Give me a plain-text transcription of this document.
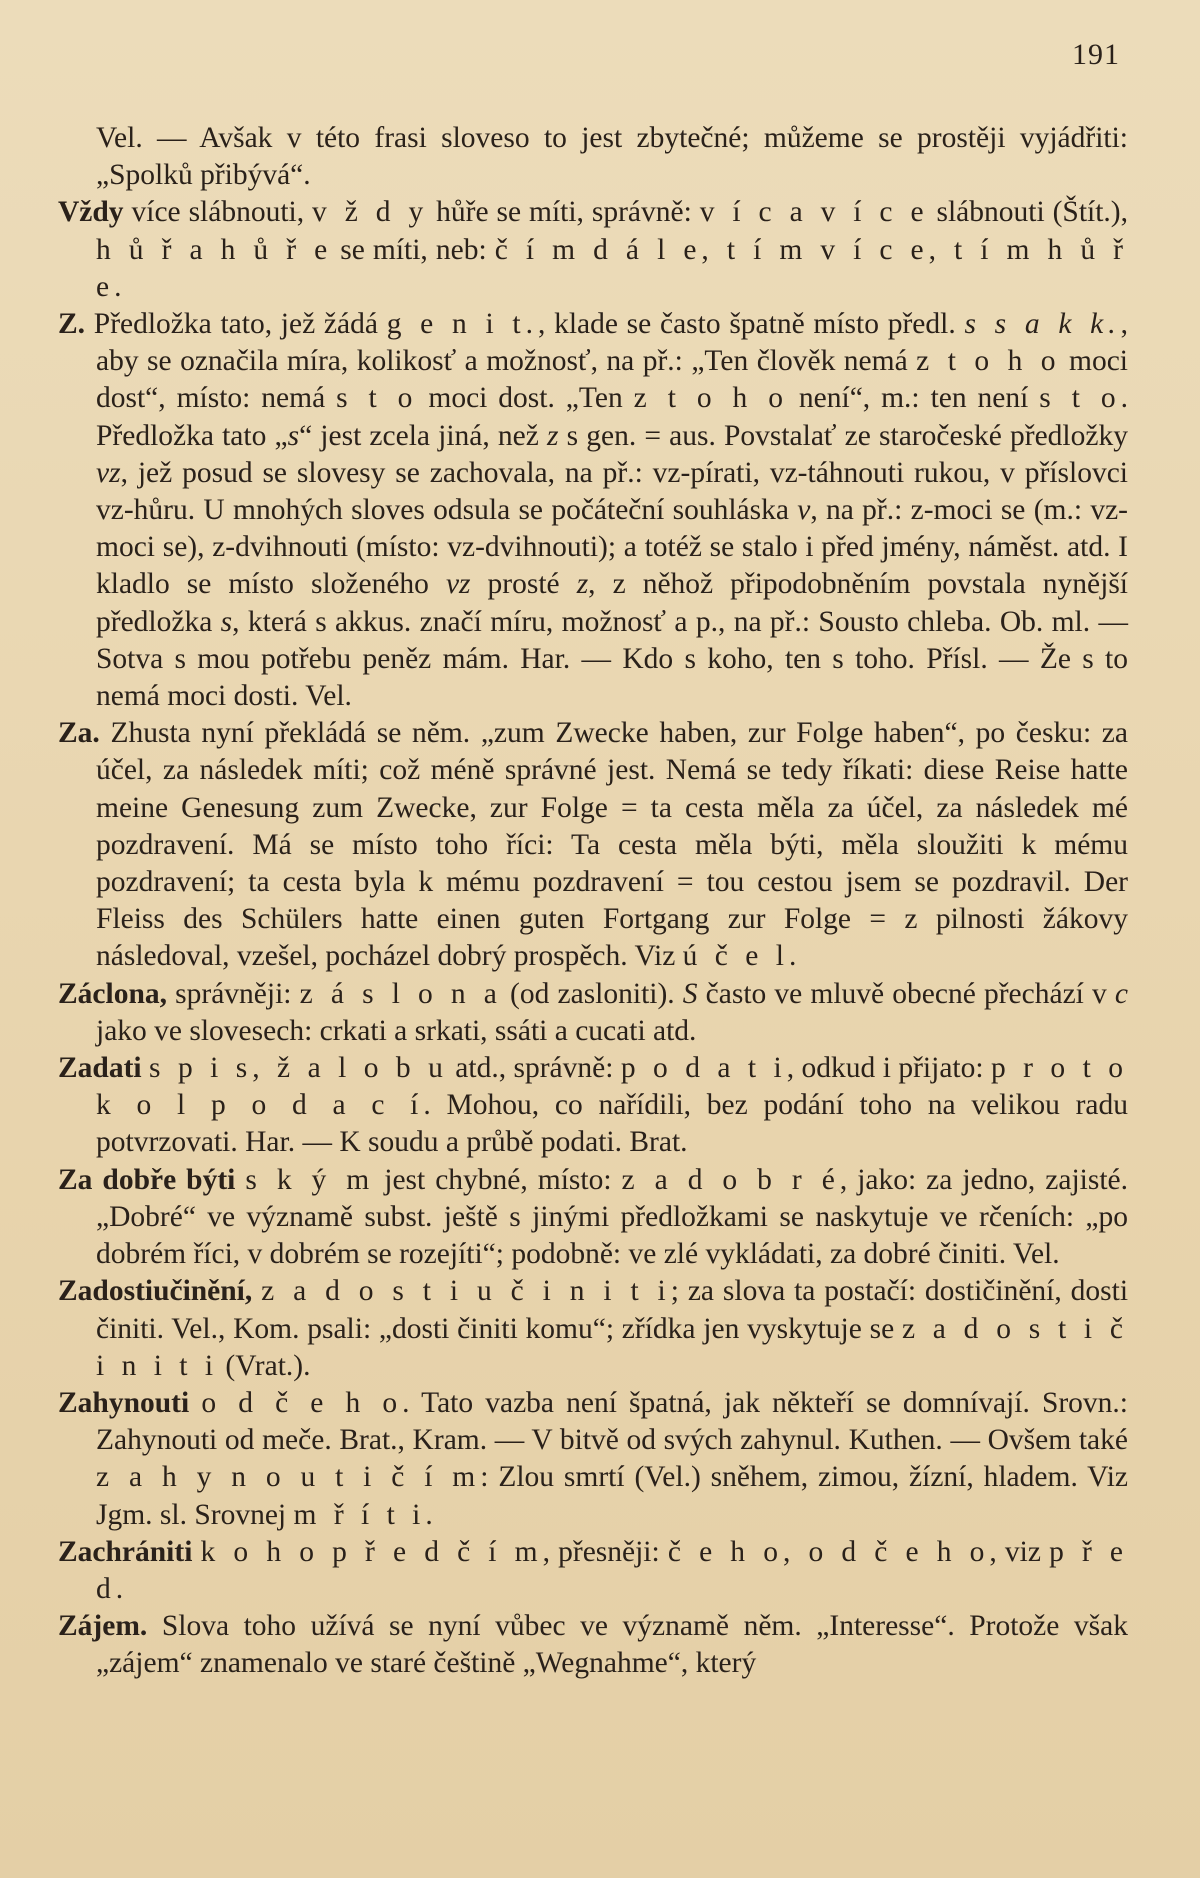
191

Vel. — Avšak v této frasi sloveso to jest zbytečné; můžeme se prostěji vyjádřiti: „Spolků přibývá“.

Vždy více slábnouti, v ž d y hůře se míti, správně: v í c a v í c e slábnouti (Štít.), h ů ř a h ů ř e se míti, neb: č í m d á l e, t í m v í c e, t í m h ů ř e.

Z. Předložka tato, jež žádá g e n i t., klade se často špatně místo předl. s s a k k., aby se označila míra, kolikosť a možnosť, na př.: „Ten člověk nemá z t o h o moci dost“, místo: nemá s t o moci dost. „Ten z t o h o není“, m.: ten není s t o. Předložka tato „s“ jest zcela jiná, než z s gen. = aus. Povstalať ze staročeské předložky vz, jež posud se slovesy se zachovala, na př.: vz-pírati, vz-táhnouti rukou, v příslovci vz-hůru. U mnohých sloves odsula se počáteční souhláska v, na př.: z-moci se (m.: vz-moci se), z-dvihnouti (místo: vz-dvihnouti); a totéž se stalo i před jmény, náměst. atd. I kladlo se místo složeného vz prosté z, z něhož připodobněním povstala nynější předložka s, která s akkus. značí míru, možnosť a p., na př.: Sousto chleba. Ob. ml. — Sotva s mou potřebu peněz mám. Har. — Kdo s koho, ten s toho. Přísl. — Že s to nemá moci dosti. Vel.

Za. Zhusta nyní překládá se něm. „zum Zwecke haben, zur Folge haben“, po česku: za účel, za následek míti; což méně správné jest. Nemá se tedy říkati: diese Reise hatte meine Genesung zum Zwecke, zur Folge = ta cesta měla za účel, za následek mé pozdravení. Má se místo toho říci: Ta cesta měla býti, měla sloužiti k mému pozdravení; ta cesta byla k mému pozdravení = tou cestou jsem se pozdravil. Der Fleiss des Schülers hatte einen guten Fortgang zur Folge = z pilnosti žákovy následoval, vzešel, pocházel dobrý prospěch. Viz ú č e l.

Záclona, správněji: z á s l o n a (od zasloniti). S často ve mluvě obecné přechází v c jako ve slovesech: crkati a srkati, ssáti a cucati atd.

Zadati s p i s, ž a l o b u atd., správně: p o d a t i, odkud i přijato: p r o t o k o l p o d a c í. Mohou, co nařídili, bez podání toho na velikou radu potvrzovati. Har. — K soudu a průbě podati. Brat.

Za dobře býti s k ý m jest chybné, místo: z a d o b r é, jako: za jedno, zajisté. „Dobré“ ve významě subst. ještě s jinými předložkami se naskytuje ve rčeních: „po dobrém říci, v dobrém se rozejíti“; podobně: ve zlé vykládati, za dobré činiti. Vel.

Zadostiučinění, z a d o s t i u č i n i t i; za slova ta postačí: dostičinění, dosti činiti. Vel., Kom. psali: „dosti činiti komu“; zřídka jen vyskytuje se z a d o s t i č i n i t i (Vrat.).

Zahynouti o d č e h o. Tato vazba není špatná, jak někteří se domnívají. Srovn.: Zahynouti od meče. Brat., Kram. — V bitvě od svých zahynul. Kuthen. — Ovšem také z a h y n o u t i č í m: Zlou smrtí (Vel.) sněhem, zimou, žízní, hladem. Viz Jgm. sl. Srovnej m ř í t i.

Zachrániti k o h o p ř e d č í m, přesněji: č e h o, o d č e h o, viz p ř e d.

Zájem. Slova toho užívá se nyní vůbec ve významě něm. „Interesse“. Protože však „zájem“ znamenalo ve staré češtině „Wegnahme“, který
